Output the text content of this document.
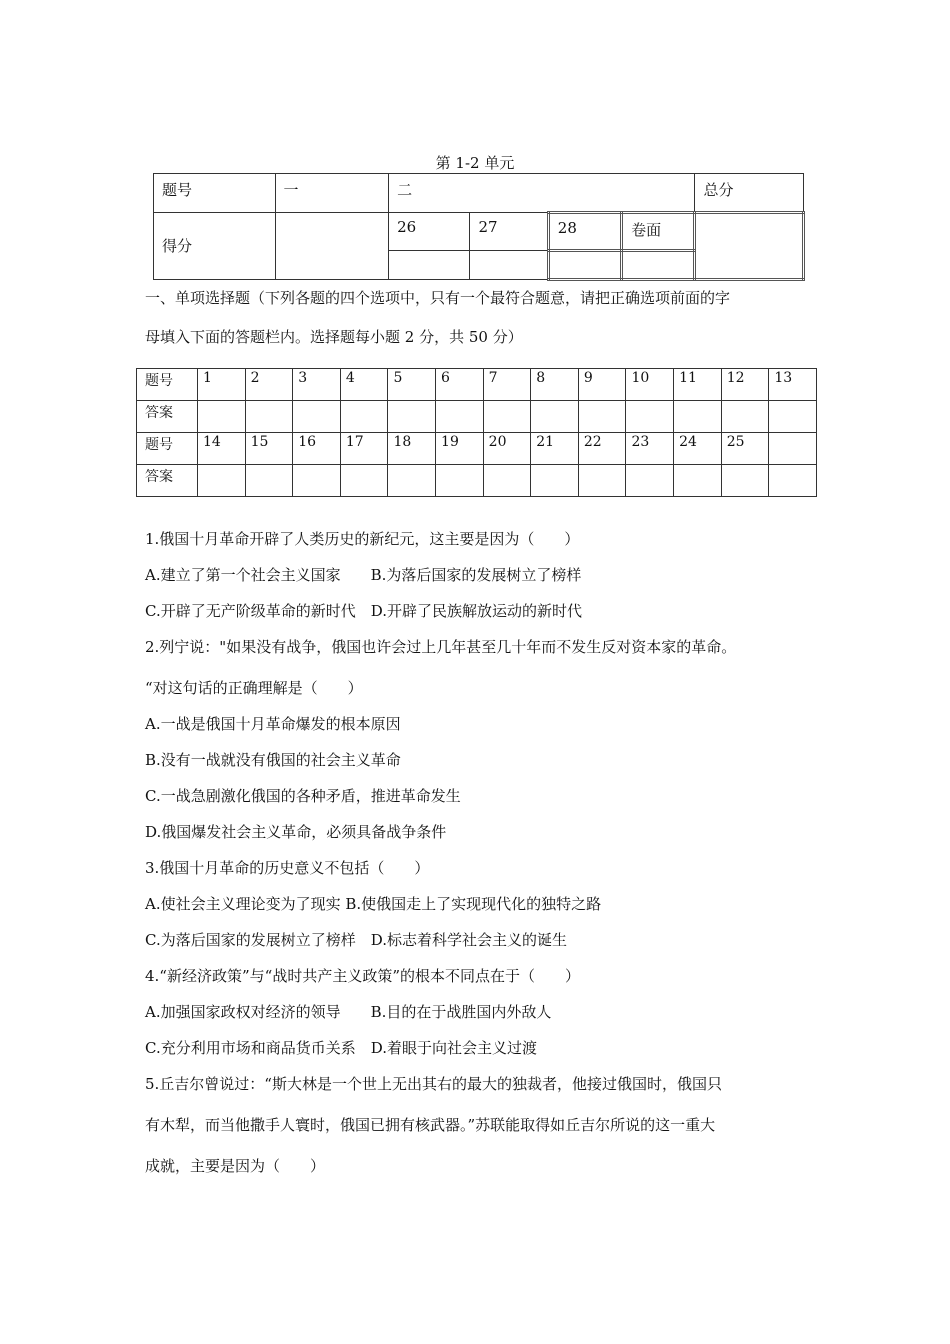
第 1-2 单元
题号	一	二				总分
得分		26	27	28	卷面	

一、单项选择题（下列各题的四个选项中，只有一个最符合题意，请把正确选项前面的字
母填入下面的答题栏内。选择题每小题 2 分，共 50 分）
题号	1	2	3	4	5	6	7	8	9	10	11	12	13
答案													
题号	14	15	16	17	18	19	20	21	22	23	24	25	
答案													
1.俄国十月革命开辟了人类历史的新纪元，这主要是因为（　　）
A.建立了第一个社会主义国家　　B.为落后国家的发展树立了榜样
C.开辟了无产阶级革命的新时代　D.开辟了民族解放运动的新时代
2.列宁说："如果没有战争，俄国也许会过上几年甚至几十年而不发生反对资本家的革命。
“对这句话的正确理解是（　　）
A.一战是俄国十月革命爆发的根本原因
B.没有一战就没有俄国的社会主义革命
C.一战急剧激化俄国的各种矛盾，推进革命发生
D.俄国爆发社会主义革命，必须具备战争条件
3.俄国十月革命的历史意义不包括（　　）
A.使社会主义理论变为了现实 B.使俄国走上了实现现代化的独特之路
C.为落后国家的发展树立了榜样　D.标志着科学社会主义的诞生
4.“新经济政策”与“战时共产主义政策”的根本不同点在于（　　）
A.加强国家政权对经济的领导　　B.目的在于战胜国内外敌人
C.充分利用市场和商品货币关系　D.着眼于向社会主义过渡
5.丘吉尔曾说过：“斯大林是一个世上无出其右的最大的独裁者，他接过俄国时，俄国只
有木犁，而当他撒手人寰时，俄国已拥有核武器。”苏联能取得如丘吉尔所说的这一重大
成就，主要是因为（　　）
